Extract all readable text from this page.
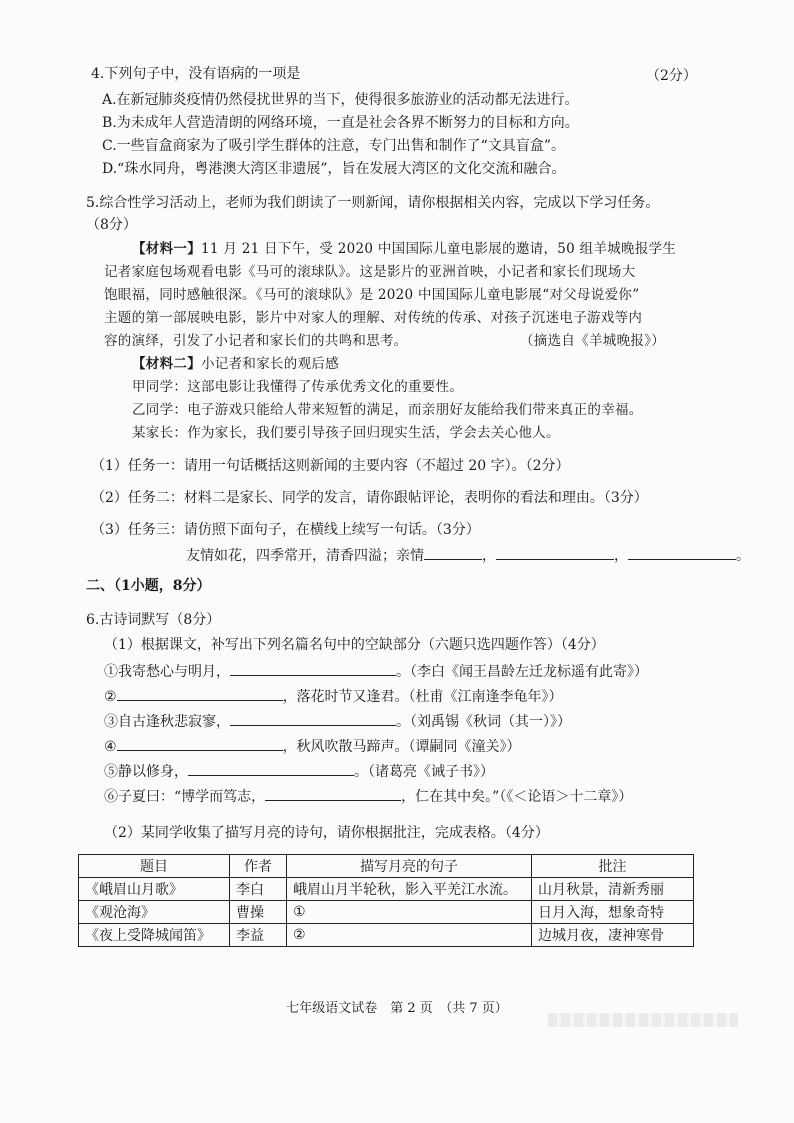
4.下列句子中，没有语病的一项是	（2分）
A.在新冠肺炎疫情仍然侵扰世界的当下，使得很多旅游业的活动都无法进行。
B.为未成年人营造清朗的网络环境，一直是社会各界不断努力的目标和方向。
C.一些盲盒商家为了吸引学生群体的注意，专门出售和制作了“文具盲盒”。
D.“珠水同舟，粤港澳大湾区非遗展”，旨在发展大湾区的文化交流和融合。
5.综合性学习活动上，老师为我们朗读了一则新闻，请你根据相关内容，完成以下学习任务。
（8分）
【材料一】11 月 21 日下午，受 2020 中国国际儿童电影展的邀请，50 组羊城晚报学生
记者家庭包场观看电影《马可的滚球队》。这是影片的亚洲首映，小记者和家长们现场大
饱眼福，同时感触很深。《马可的滚球队》是 2020 中国国际儿童电影展“对父母说爱你”
主题的第一部展映电影，影片中对家人的理解、对传统的传承、对孩子沉迷电子游戏等内
容的演绎，引发了小记者和家长们的共鸣和思考。	（摘选自《羊城晚报》）
【材料二】小记者和家长的观后感
甲同学：这部电影让我懂得了传承优秀文化的重要性。
乙同学：电子游戏只能给人带来短暂的满足，而亲朋好友能给我们带来真正的幸福。
某家长：作为家长，我们要引导孩子回归现实生活，学会去关心他人。
（1）任务一：请用一句话概括这则新闻的主要内容（不超过 20 字）。（2分）
（2）任务二：材料二是家长、同学的发言，请你跟帖评论，表明你的看法和理由。（3分）
（3）任务三：请仿照下面句子，在横线上续写一句话。（3分）
友情如花，四季常开，清香四溢；亲情	，	，	。
二、（1小题，8分）
6.古诗词默写（8分）
（1）根据课文，补写出下列名篇名句中的空缺部分（六题只选四题作答）（4分）
①我寄愁心与明月，	。（李白《闻王昌龄左迁龙标遥有此寄》）
②	，落花时节又逢君。（杜甫《江南逢李龟年》）
③自古逢秋悲寂寥，	。（刘禹锡《秋词（其一）》）
④	，秋风吹散马蹄声。（谭嗣同《潼关》）
⑤静以修身，	。（诸葛亮《诫子书》）
⑥子夏曰：“博学而笃志，	，仁在其中矣。”（《＜论语＞十二章》）
（2）某同学收集了描写月亮的诗句，请你根据批注，完成表格。（4分）
题目	作者	描写月亮的句子	批注
《峨眉山月歌》	李白	峨眉山月半轮秋，影入平羌江水流。	山月秋景，清新秀丽
《观沧海》	曹操	①	日月入海，想象奇特
《夜上受降城闻笛》	李益	②	边城月夜，凄神寒骨
七年级语文试卷　第 2 页　（共 7 页）
